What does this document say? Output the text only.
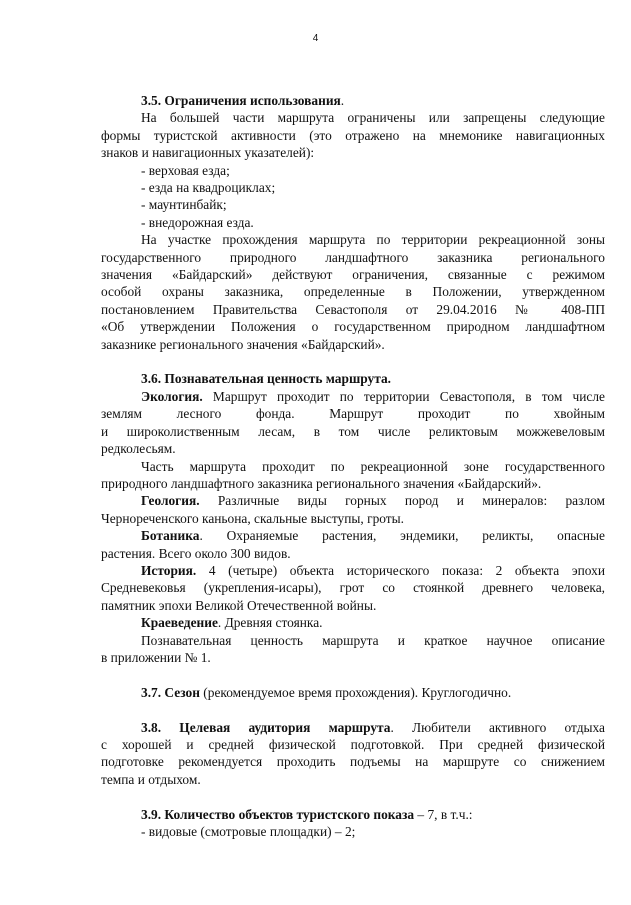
4
3.5. Ограничения использования.
На большей части маршрута ограничены или запрещены следующие
формы туристской активности (это отражено на мнемонике навигационных
знаков и навигационных указателей):
- верховая езда;
- езда на квадроциклах;
- маунтинбайк;
- внедорожная езда.
На участке прохождения маршрута по территории рекреационной зоны
государственного природного ландшафтного заказника регионального
значения «Байдарский» действуют ограничения, связанные с режимом
особой охраны заказника, определенные в Положении, утвержденном
постановлением Правительства Севастополя от 29.04.2016 № 408-ПП
«Об утверждении Положения о государственном природном ландшафтном
заказнике регионального значения «Байдарский».
3.6. Познавательная ценность маршрута.
Экология. Маршрут проходит по территории Севастополя, в том числе
землям лесного фонда. Маршрут проходит по хвойным
и широколиственным лесам, в том числе реликтовым можжевеловым
редколесьям.
Часть маршрута проходит по рекреационной зоне государственного
природного ландшафтного заказника регионального значения «Байдарский».
Геология. Различные виды горных пород и минералов: разлом
Чернореченского каньона, скальные выступы, гроты.
Ботаника. Охраняемые растения, эндемики, реликты, опасные
растения. Всего около 300 видов.
История. 4 (четыре) объекта исторического показа: 2 объекта эпохи
Средневековья (укрепления-исары), грот со стоянкой древнего человека,
памятник эпохи Великой Отечественной войны.
Краеведение. Древняя стоянка.
Познавательная ценность маршрута и краткое научное описание
в приложении № 1.
3.7. Сезон (рекомендуемое время прохождения). Круглогодично.
3.8. Целевая аудитория маршрута. Любители активного отдыха
с хорошей и средней физической подготовкой. При средней физической
подготовке рекомендуется проходить подъемы на маршруте со снижением
темпа и отдыхом.
3.9. Количество объектов туристского показа – 7, в т.ч.:
- видовые (смотровые площадки) – 2;
